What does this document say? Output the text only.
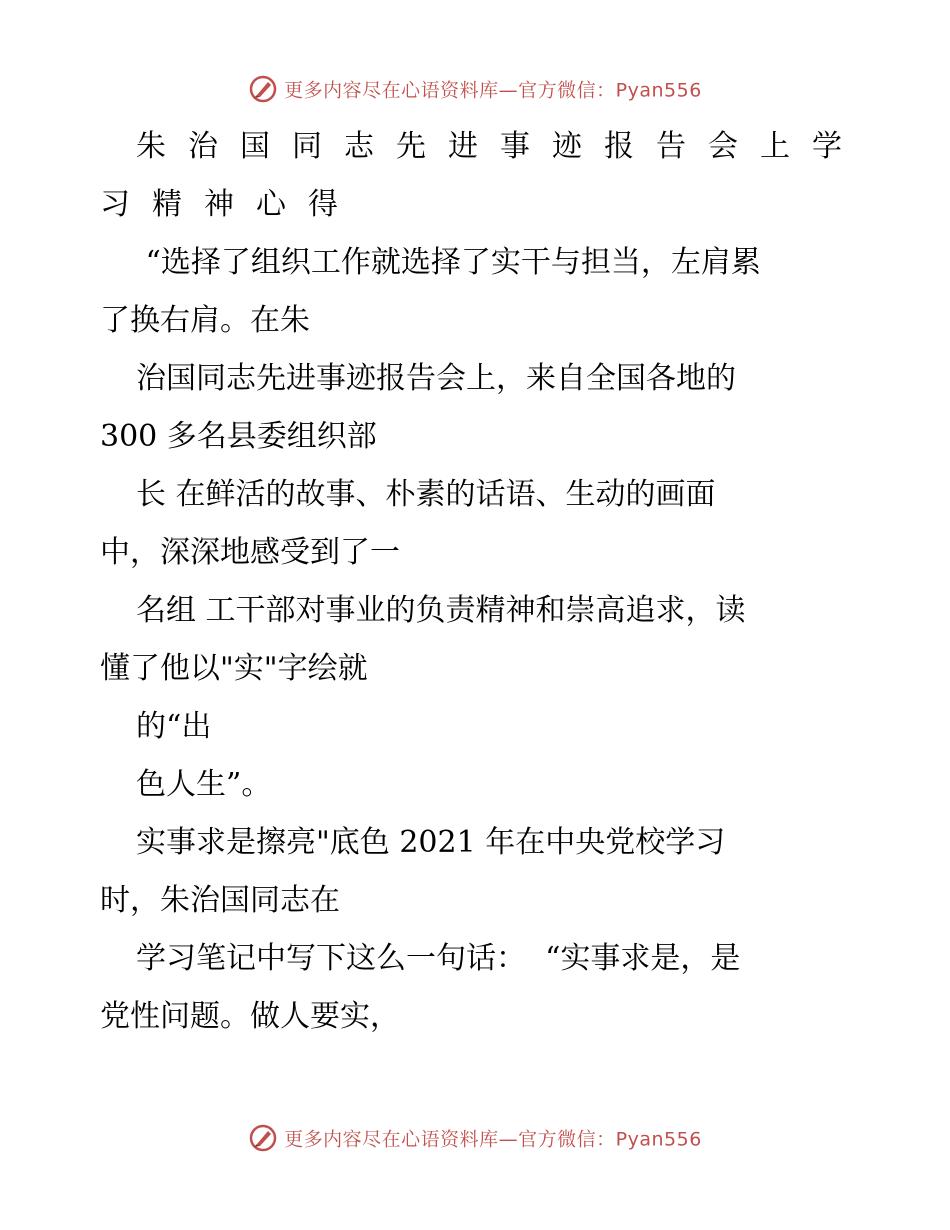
更多内容尽在心语资料库—官方微信：Pyan556
朱治国同志先进事迹报告会上学
习精神心得
“选择了组织工作就选择了实干与担当，左肩累
了换右肩。在朱
治国同志先进事迹报告会上，来自全国各地的
300 多名县委组织部
长 在鲜活的故事、朴素的话语、生动的画面
中，深深地感受到了一
名组 工干部对事业的负责精神和崇高追求，读
懂了他以"实"字绘就
的“出
色人生”。
实事求是擦亮"底色 2021 年在中央党校学习
时，朱治国同志在
学习笔记中写下这么一句话：  “实事求是，是
党性问题。做人要实，
更多内容尽在心语资料库—官方微信：Pyan556
